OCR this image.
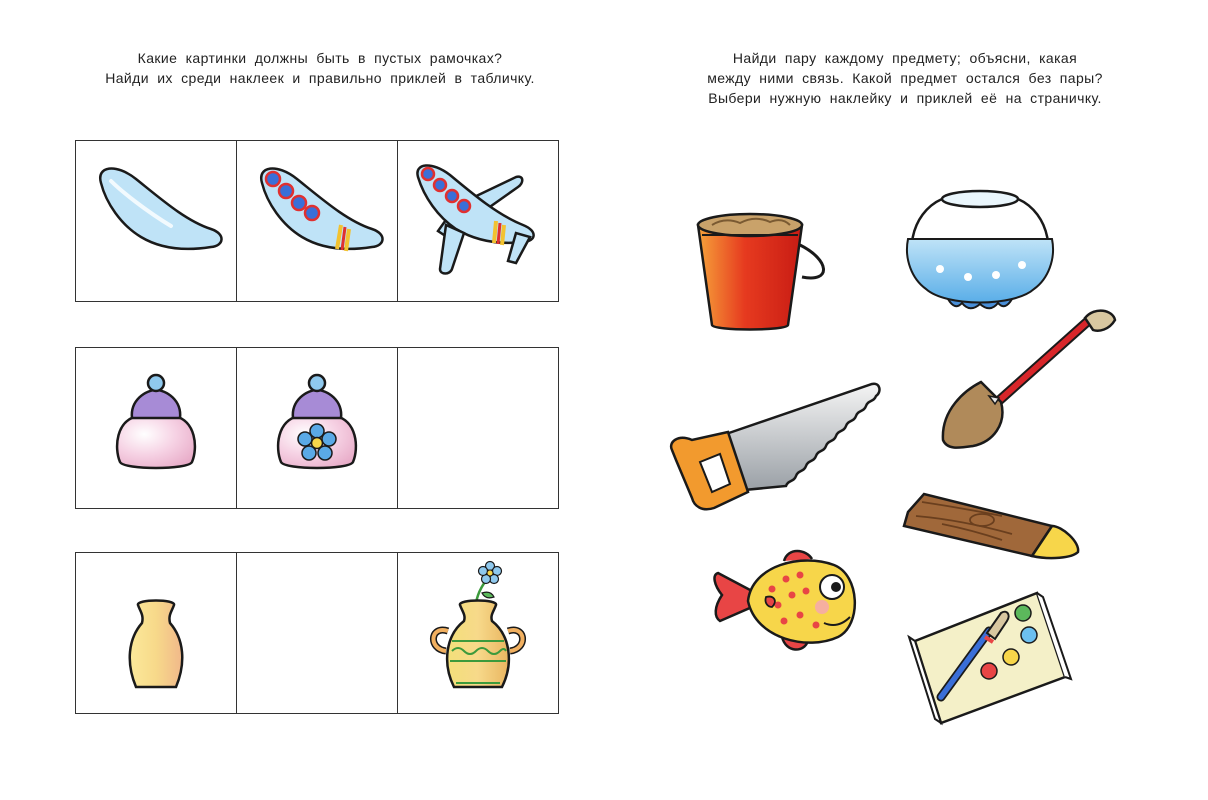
Какие картинки должны быть в пустых рамочках?
Найди их среди наклеек и правильно приклей в табличку.
Найди пару каждому предмету; объясни, какая
между ними связь. Какой предмет остался без пары?
Выбери нужную наклейку и приклей её на страничку.
